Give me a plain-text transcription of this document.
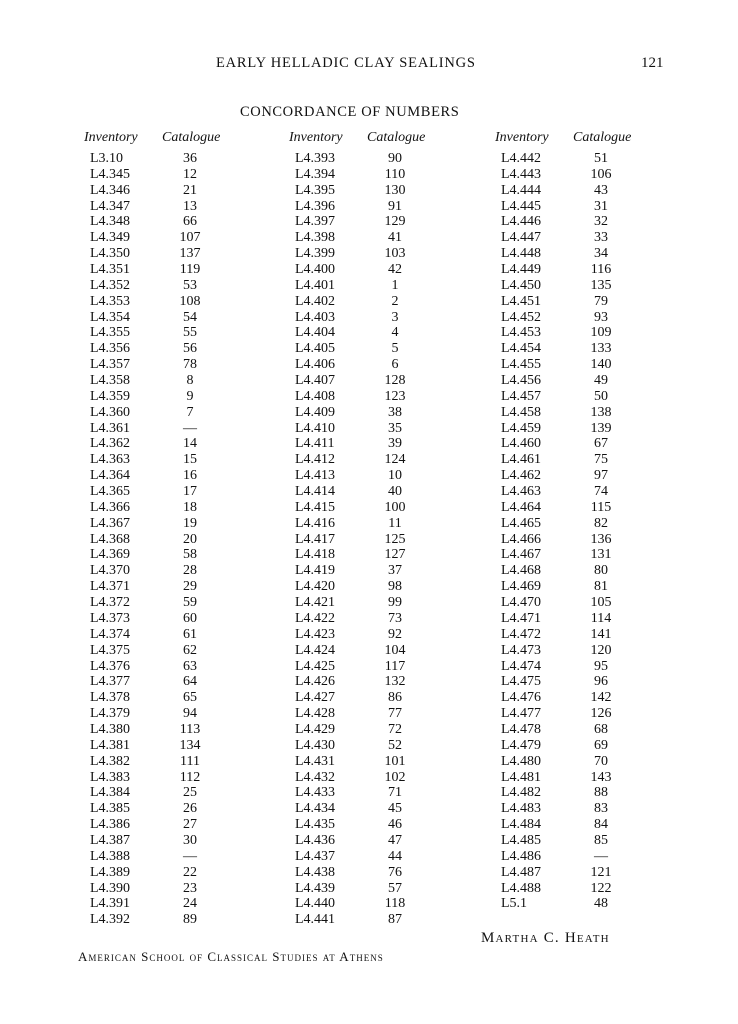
EARLY HELLADIC CLAY SEALINGS	121
CONCORDANCE OF NUMBERS
Inventory Catalogue
L3.10	36
L4.345	12
L4.346	21
L4.347	13
L4.348	66
L4.349	107
L4.350	137
L4.351	119
L4.352	53
L4.353	108
L4.354	54
L4.355	55
L4.356	56
L4.357	78
L4.358	8
L4.359	9
L4.360	7
L4.361	—
L4.362	14
L4.363	15
L4.364	16
L4.365	17
L4.366	18
L4.367	19
L4.368	20
L4.369	58
L4.370	28
L4.371	29
L4.372	59
L4.373	60
L4.374	61
L4.375	62
L4.376	63
L4.377	64
L4.378	65
L4.379	94
L4.380	113
L4.381	134
L4.382	111
L4.383	112
L4.384	25
L4.385	26
L4.386	27
L4.387	30
L4.388	—
L4.389	22
L4.390	23
L4.391	24
L4.392	89
Inventory Catalogue
L4.393	90
L4.394	110
L4.395	130
L4.396	91
L4.397	129
L4.398	41
L4.399	103
L4.400	42
L4.401	1
L4.402	2
L4.403	3
L4.404	4
L4.405	5
L4.406	6
L4.407	128
L4.408	123
L4.409	38
L4.410	35
L4.411	39
L4.412	124
L4.413	10
L4.414	40
L4.415	100
L4.416	11
L4.417	125
L4.418	127
L4.419	37
L4.420	98
L4.421	99
L4.422	73
L4.423	92
L4.424	104
L4.425	117
L4.426	132
L4.427	86
L4.428	77
L4.429	72
L4.430	52
L4.431	101
L4.432	102
L4.433	71
L4.434	45
L4.435	46
L4.436	47
L4.437	44
L4.438	76
L4.439	57
L4.440	118
L4.441	87
Inventory Catalogue
L4.442	51
L4.443	106
L4.444	43
L4.445	31
L4.446	32
L4.447	33
L4.448	34
L4.449	116
L4.450	135
L4.451	79
L4.452	93
L4.453	109
L4.454	133
L4.455	140
L4.456	49
L4.457	50
L4.458	138
L4.459	139
L4.460	67
L4.461	75
L4.462	97
L4.463	74
L4.464	115
L4.465	82
L4.466	136
L4.467	131
L4.468	80
L4.469	81
L4.470	105
L4.471	114
L4.472	141
L4.473	120
L4.474	95
L4.475	96
L4.476	142
L4.477	126
L4.478	68
L4.479	69
L4.480	70
L4.481	143
L4.482	88
L4.483	83
L4.484	84
L4.485	85
L4.486	—
L4.487	121
L4.488	122
L5.1	48
Martha C. Heath
American School of Classical Studies at Athens
